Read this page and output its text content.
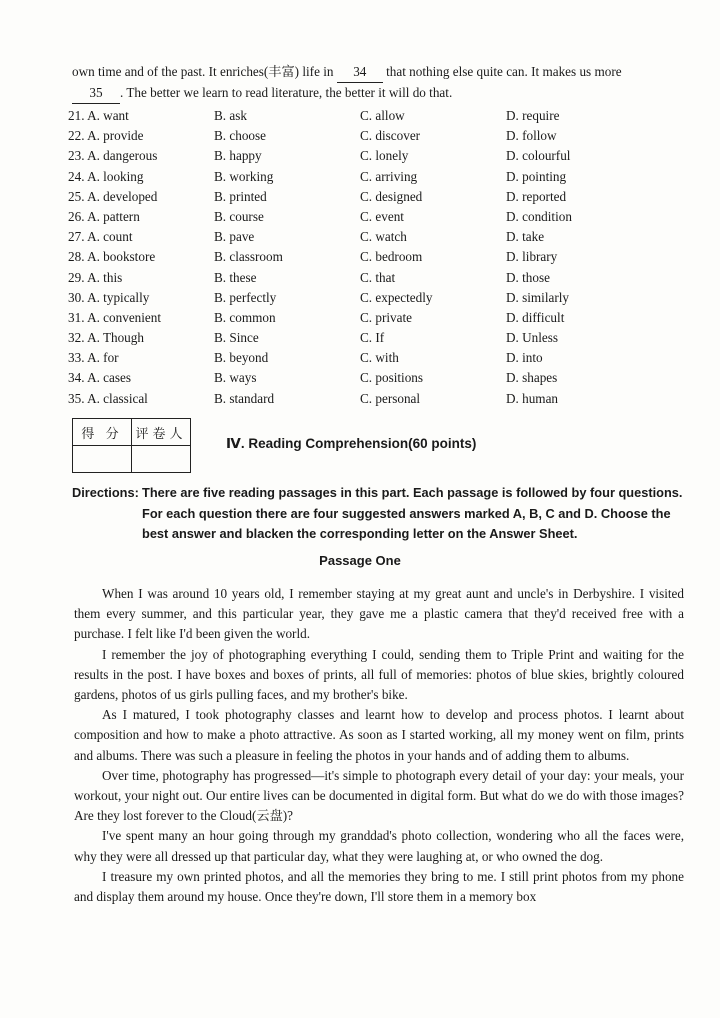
own time and of the past. It enriches(丰富) life in 34 that nothing else quite can. It makes us more

35 . The better we learn to read literature, the better it will do that.

21. A. want	B. ask	C. allow	D. require
22. A. provide	B. choose	C. discover	D. follow
23. A. dangerous	B. happy	C. lonely	D. colourful
24. A. looking	B. working	C. arriving	D. pointing
25. A. developed	B. printed	C. designed	D. reported
26. A. pattern	B. course	C. event	D. condition
27. A. count	B. pave	C. watch	D. take
28. A. bookstore	B. classroom	C. bedroom	D. library
29. A. this	B. these	C. that	D. those
30. A. typically	B. perfectly	C. expectedly	D. similarly
31. A. convenient	B. common	C. private	D. difficult
32. A. Though	B. Since	C. If	D. Unless
33. A. for	B. beyond	C. with	D. into
34. A. cases	B. ways	C. positions	D. shapes
35. A. classical	B. standard	C. personal	D. human
得 分	评卷人

Ⅳ. Reading Comprehension(60 points)
Directions: There are five reading passages in this part. Each passage is followed by four questions. For each question there are four suggested answers marked A, B, C and D. Choose the best answer and blacken the corresponding letter on the Answer Sheet.
Passage One

When I was around 10 years old, I remember staying at my great aunt and uncle's in Derbyshire. I visited them every summer, and this particular year, they gave me a plastic camera that they'd received free with a purchase. I felt like I'd been given the world.

I remember the joy of photographing everything I could, sending them to Triple Print and waiting for the results in the post. I have boxes and boxes of prints, all full of memories: photos of blue skies, brightly coloured gardens, photos of us girls pulling faces, and my brother's bike.

As I matured, I took photography classes and learnt how to develop and process photos. I learnt about composition and how to make a photo attractive. As soon as I started working, all my money went on film, prints and albums. There was such a pleasure in feeling the photos in your hands and of adding them to albums.

Over time, photography has progressed—it's simple to photograph every detail of your day: your meals, your workout, your night out. Our entire lives can be documented in digital form. But what do we do with those images? Are they lost forever to the Cloud(云盘)?

I've spent many an hour going through my granddad's photo collection, wondering who all the faces were, why they were all dressed up that particular day, what they were laughing at, or who owned the dog.

I treasure my own printed photos, and all the memories they bring to me. I still print photos from my phone and display them around my house. Once they're down, I'll store them in a memory box
